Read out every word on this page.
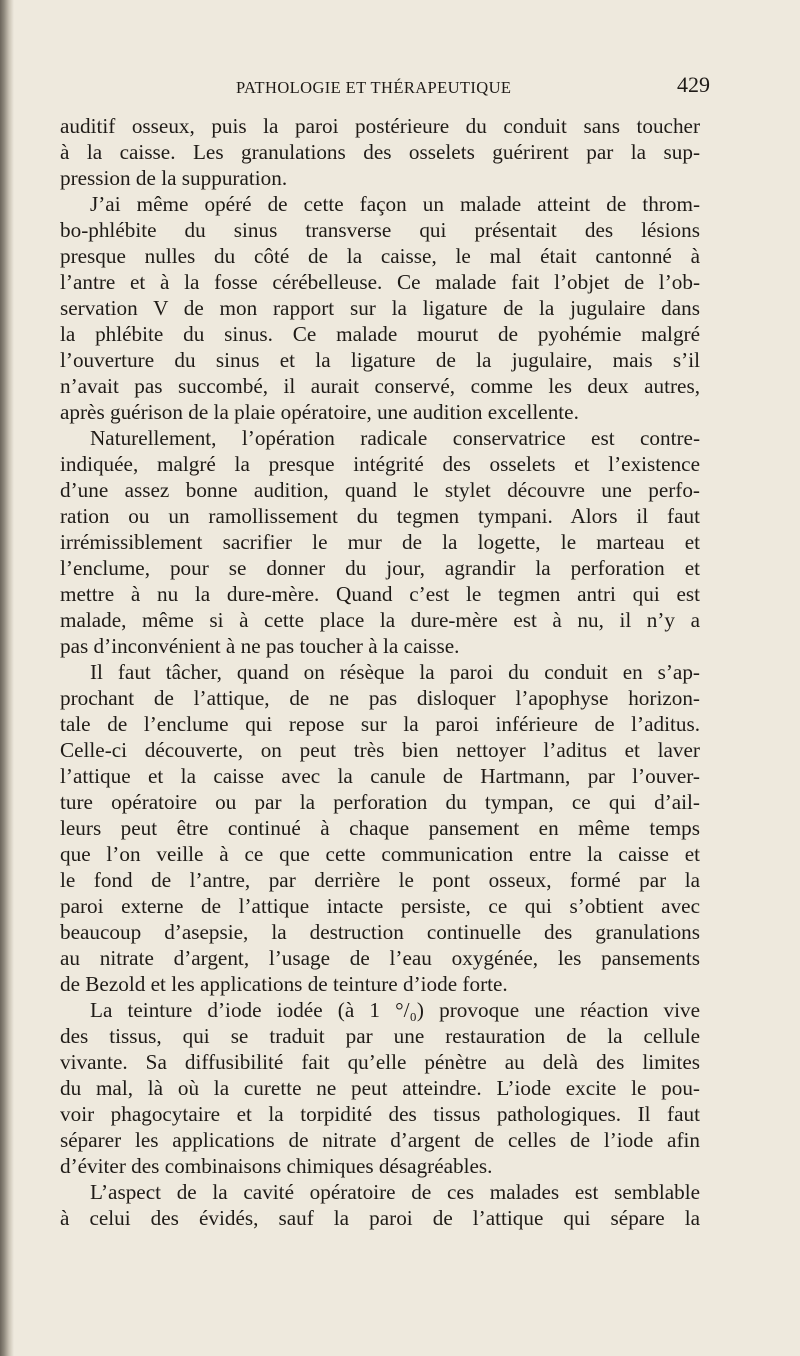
PATHOLOGIE ET THÉRAPEUTIQUE	429
auditif osseux, puis la paroi postérieure du conduit sans toucher
à la caisse. Les granulations des osselets guérirent par la sup-
pression de la suppuration.
J’ai même opéré de cette façon un malade atteint de throm-
bo-phlébite du sinus transverse qui présentait des lésions
presque nulles du côté de la caisse, le mal était cantonné à
l’antre et à la fosse cérébelleuse. Ce malade fait l’objet de l’ob-
servation V de mon rapport sur la ligature de la jugulaire dans
la phlébite du sinus. Ce malade mourut de pyohémie malgré
l’ouverture du sinus et la ligature de la jugulaire, mais s’il
n’avait pas succombé, il aurait conservé, comme les deux autres,
après guérison de la plaie opératoire, une audition excellente.
Naturellement, l’opération radicale conservatrice est contre-
indiquée, malgré la presque intégrité des osselets et l’existence
d’une assez bonne audition, quand le stylet découvre une perfo-
ration ou un ramollissement du tegmen tympani. Alors il faut
irrémissiblement sacrifier le mur de la logette, le marteau et
l’enclume, pour se donner du jour, agrandir la perforation et
mettre à nu la dure-mère. Quand c’est le tegmen antri qui est
malade, même si à cette place la dure-mère est à nu, il n’y a
pas d’inconvénient à ne pas toucher à la caisse.
Il faut tâcher, quand on résèque la paroi du conduit en s’ap-
prochant de l’attique, de ne pas disloquer l’apophyse horizon-
tale de l’enclume qui repose sur la paroi inférieure de l’aditus.
Celle-ci découverte, on peut très bien nettoyer l’aditus et laver
l’attique et la caisse avec la canule de Hartmann, par l’ouver-
ture opératoire ou par la perforation du tympan, ce qui d’ail-
leurs peut être continué à chaque pansement en même temps
que l’on veille à ce que cette communication entre la caisse et
le fond de l’antre, par derrière le pont osseux, formé par la
paroi externe de l’attique intacte persiste, ce qui s’obtient avec
beaucoup d’asepsie, la destruction continuelle des granulations
au nitrate d’argent, l’usage de l’eau oxygénée, les pansements
de Bezold et les applications de teinture d’iode forte.
La teinture d’iode iodée (à 1 °/₀) provoque une réaction vive
des tissus, qui se traduit par une restauration de la cellule
vivante. Sa diffusibilité fait qu’elle pénètre au delà des limites
du mal, là où la curette ne peut atteindre. L’iode excite le pou-
voir phagocytaire et la torpidité des tissus pathologiques. Il faut
séparer les applications de nitrate d’argent de celles de l’iode afin
d’éviter des combinaisons chimiques désagréables.
L’aspect de la cavité opératoire de ces malades est semblable
à celui des évidés, sauf la paroi de l’attique qui sépare la
